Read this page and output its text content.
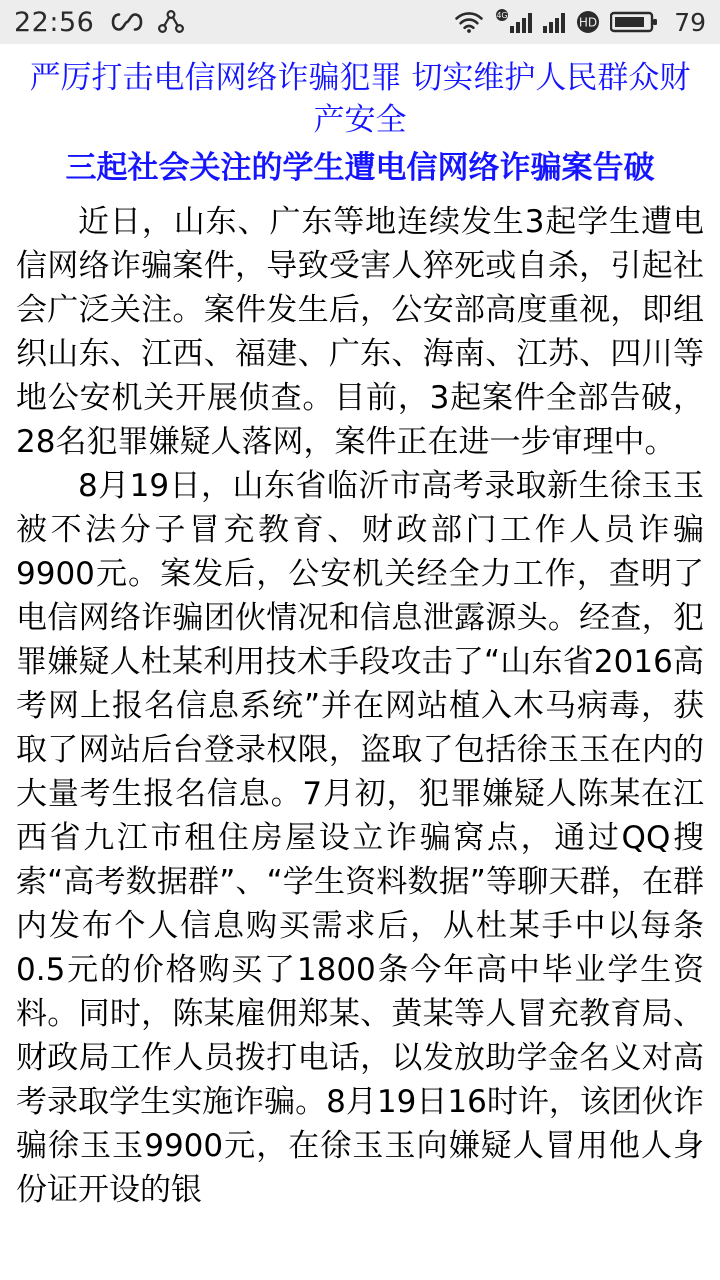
22:56	4G	HD	79
严厉打击电信网络诈骗犯罪 切实维护人民群众财产安全
三起社会关注的学生遭电信网络诈骗案告破

近日，山东、广东等地连续发生3起学生遭电信网络诈骗案件，导致受害人猝死或自杀，引起社会广泛关注。案件发生后，公安部高度重视，即组织山东、江西、福建、广东、海南、江苏、四川等地公安机关开展侦查。目前，3起案件全部告破，28名犯罪嫌疑人落网，案件正在进一步审理中。

8月19日，山东省临沂市高考录取新生徐玉玉被不法分子冒充教育、财政部门工作人员诈骗9900元。案发后，公安机关经全力工作，查明了电信网络诈骗团伙情况和信息泄露源头。经查，犯罪嫌疑人杜某利用技术手段攻击了“山东省2016高考网上报名信息系统”并在网站植入木马病毒，获取了网站后台登录权限，盗取了包括徐玉玉在内的大量考生报名信息。7月初，犯罪嫌疑人陈某在江西省九江市租住房屋设立诈骗窝点，通过QQ搜索“高考数据群”、“学生资料数据”等聊天群，在群内发布个人信息购买需求后，从杜某手中以每条0.5元的价格购买了1800条今年高中毕业学生资料。同时，陈某雇佣郑某、黄某等人冒充教育局、财政局工作人员拨打电话，以发放助学金名义对高考录取学生实施诈骗。8月19日16时许，该团伙诈骗徐玉玉9900元，在徐玉玉向嫌疑人冒用他人身份证开设的银
